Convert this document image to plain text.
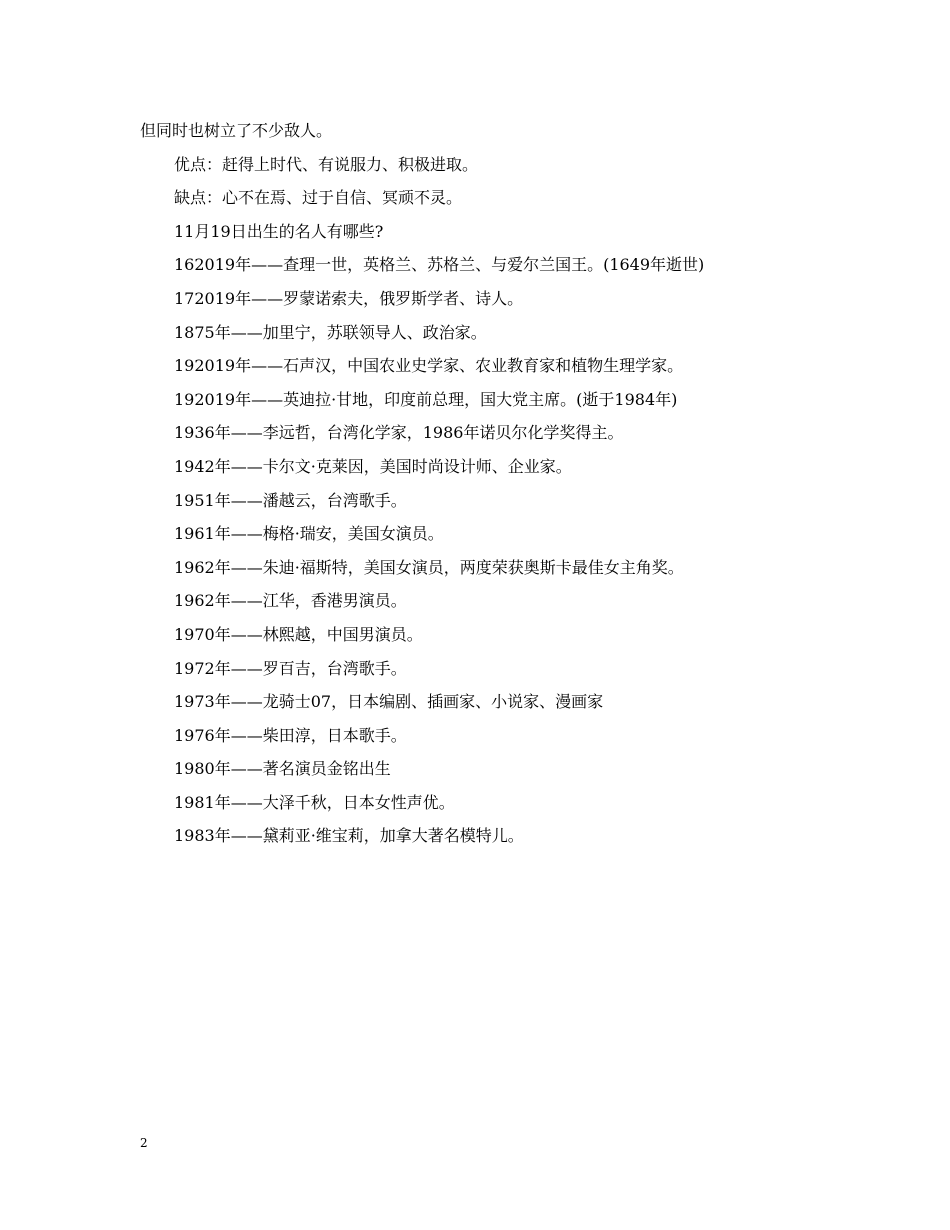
但同时也树立了不少敌人。
优点：赶得上时代、有说服力、积极进取。
缺点：心不在焉、过于自信、冥顽不灵。
11月19日出生的名人有哪些?
162019年——查理一世，英格兰、苏格兰、与爱尔兰国王。(1649年逝世)
172019年——罗蒙诺索夫，俄罗斯学者、诗人。
1875年——加里宁，苏联领导人、政治家。
192019年——石声汉，中国农业史学家、农业教育家和植物生理学家。
192019年——英迪拉·甘地，印度前总理，国大党主席。(逝于1984年)
1936年——李远哲，台湾化学家，1986年诺贝尔化学奖得主。
1942年——卡尔文·克莱因，美国时尚设计师、企业家。
1951年——潘越云，台湾歌手。
1961年——梅格·瑞安，美国女演员。
1962年——朱迪·福斯特，美国女演员，两度荣获奥斯卡最佳女主角奖。
1962年——江华，香港男演员。
1970年——林熙越，中国男演员。
1972年——罗百吉，台湾歌手。
1973年——龙骑士07，日本编剧、插画家、小说家、漫画家
1976年——柴田淳，日本歌手。
1980年——著名演员金铭出生
1981年——大泽千秋，日本女性声优。
1983年——黛莉亚·维宝莉，加拿大著名模特儿。
2
